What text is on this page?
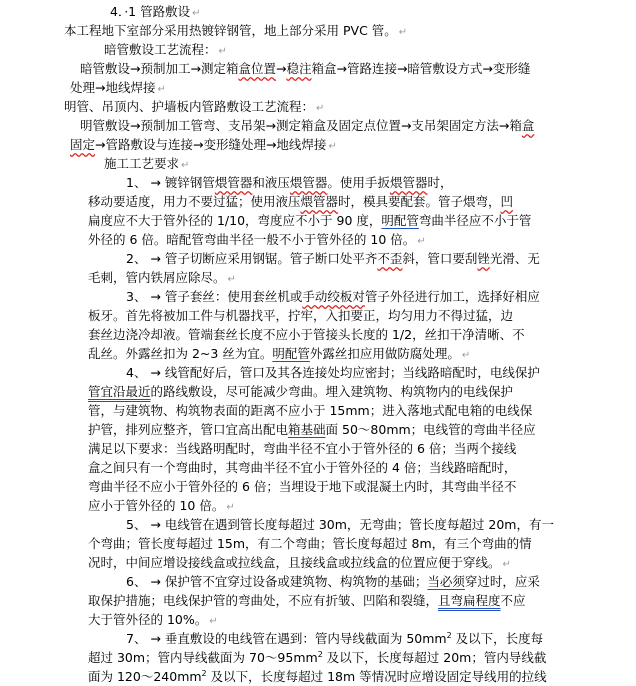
4．·1 管路敷设 ↵
本工程地下室部分采用热镀锌钢管，地上部分采用 PVC 管。 ↵
暗管敷设工艺流程： ↵
暗管敷设→预制加工→测定箱盒位置→稳注箱盒→管路连接→暗管敷设方式→变形缝
处理→地线焊接 ↵
明管、吊顶内、护墙板内管路敷设工艺流程： ↵
明管敷设→预制加工管弯、支吊架→测定箱盒及固定点位置→支吊架固定方法→箱盒
固定→管路敷设与连接→变形缝处理→地线焊接 ↵
施工工艺要求 ↵
1、 → 镀锌钢管煨管器和液压煨管器。使用手扳煨管器时，
移动要适度，用力不要过猛；使用液压煨管器时，模具要配套。管子煨弯，凹
扁度应不大于管外径的 1/10，弯度应不小于 90 度，明配管弯曲半径应不小于管
外径的 6 倍。暗配管弯曲半径一般不小于管外径的 10 倍。 ↵
2、 → 管子切断应采用钢锯。管子断口处平齐不歪斜，管口要刮锉光滑、无
毛刺，管内铁屑应除尽。 ↵
3、 → 管子套丝：使用套丝机或手动绞板对管子外径进行加工，选择好相应
板牙。首先将被加工件与机器找平，拧牢，入扣要正，均匀用力不得过猛，边
套丝边浇冷却液。管端套丝长度不应小于管接头长度的 1/2，丝扣干净清晰、不
乱丝。外露丝扣为 2~3 丝为宜。明配管外露丝扣应用做防腐处理。 ↵
4、 → 线管配好后，管口及其各连接处均应密封；当线路暗配时，电线保护
管宜沿最近的路线敷设，尽可能减少弯曲。埋入建筑物、构筑物内的电线保护
管，与建筑物、构筑物表面的距离不应小于 15mm；进入落地式配电箱的电线保
护管，排列应整齐，管口宜高出配电箱基础面 50～80mm；电线管的弯曲半径应
满足以下要求：当线路明配时，弯曲半径不宜小于管外径的 6 倍；当两个接线
盒之间只有一个弯曲时，其弯曲半径不宜小于管外径的 4 倍；当线路暗配时，
弯曲半径不应小于管外径的 6 倍；当埋设于地下或混凝土内时，其弯曲半径不
应小于管外径的 10 倍。 ↵
5、 → 电线管在遇到管长度每超过 30m，无弯曲；管长度每超过 20m，有一
个弯曲；管长度每超过 15m，有二个弯曲；管长度每超过 8m，有三个弯曲的情
况时，中间应增设接线盒或拉线盒，且接线盒或拉线盒的位置应便于穿线。 ↵
6、 → 保护管不宜穿过设备或建筑物、构筑物的基础；当必须穿过时，应采
取保护措施；电线保护管的弯曲处，不应有折皱、凹陷和裂缝，且弯扁程度不应
大于管外径的 10%。 ↵
7、 → 垂直敷设的电线管在遇到：管内导线截面为 $50mm^2$ 及以下，长度每
超过 30m；管内导线截面为 $70\sim 95mm^2$ 及以下，长度每超过 20m；管内导线截
面为 $120\sim 240mm^2$ 及以下，长度每超过 18m 等情况时应增设固定导线用的拉线
